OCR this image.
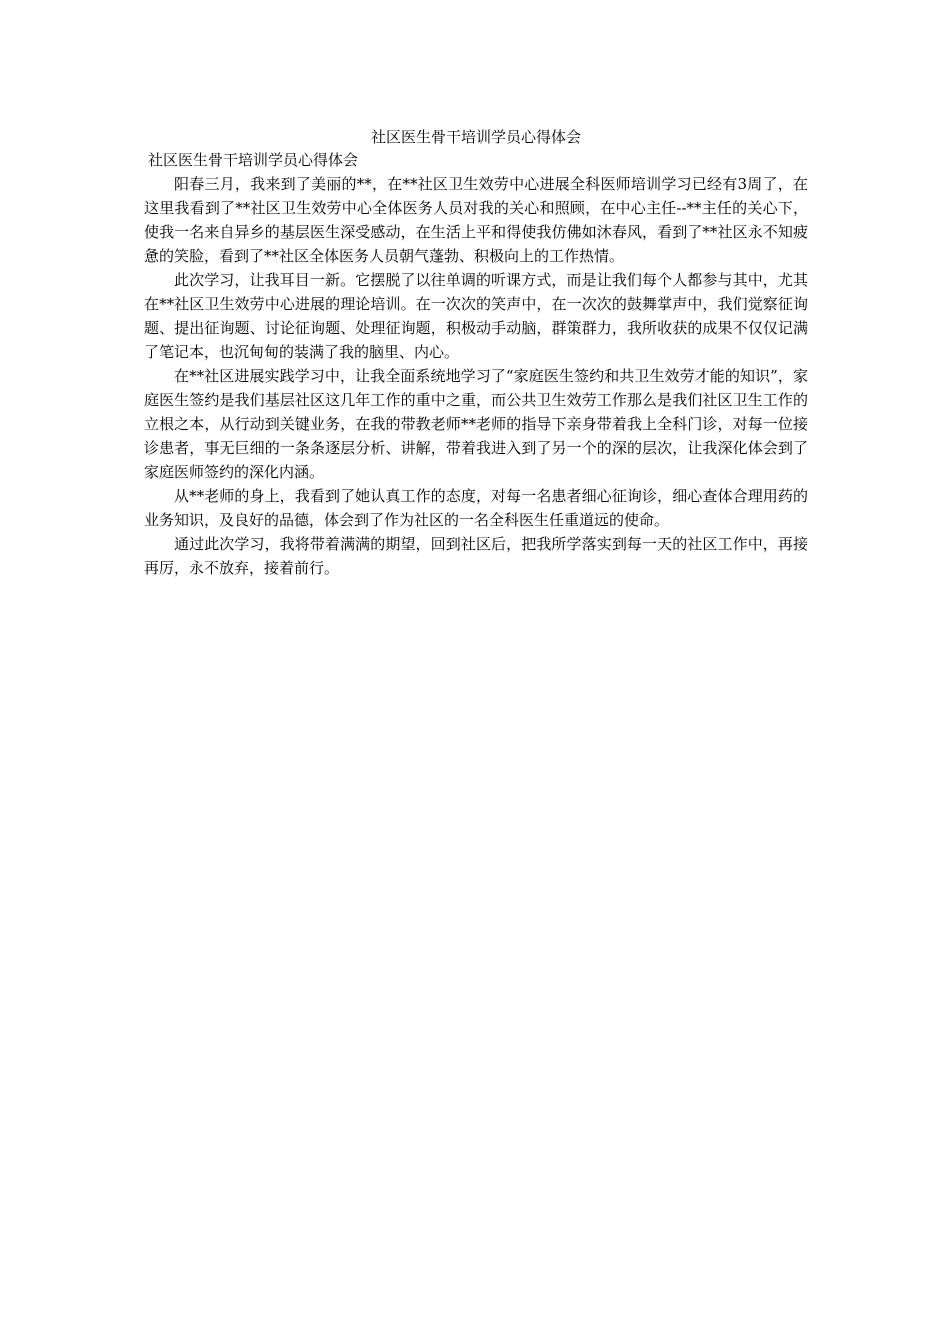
社区医生骨干培训学员心得体会
社区医生骨干培训学员心得体会

阳春三月，我来到了美丽的**，在**社区卫生效劳中心进展全科医师培训学习已经有3周了，在这里我看到了**社区卫生效劳中心全体医务人员对我的关心和照顾，在中心主任--**主任的关心下，使我一名来自异乡的基层医生深受感动，在生活上平和得使我仿佛如沐春风，看到了**社区永不知疲惫的笑脸，看到了**社区全体医务人员朝气蓬勃、积极向上的工作热情。

此次学习，让我耳目一新。它摆脱了以往单调的听课方式，而是让我们每个人都参与其中，尤其在**社区卫生效劳中心进展的理论培训。在一次次的笑声中，在一次次的鼓舞掌声中，我们觉察征询题、提出征询题、讨论征询题、处理征询题，积极动手动脑，群策群力，我所收获的成果不仅仅记满了笔记本，也沉甸甸的装满了我的脑里、内心。

在**社区进展实践学习中，让我全面系统地学习了“家庭医生签约和共卫生效劳才能的知识”，家庭医生签约是我们基层社区这几年工作的重中之重，而公共卫生效劳工作那么是我们社区卫生工作的立根之本，从行动到关键业务，在我的带教老师**老师的指导下亲身带着我上全科门诊，对每一位接诊患者，事无巨细的一条条逐层分析、讲解，带着我进入到了另一个的深的层次，让我深化体会到了家庭医师签约的深化内涵。

从**老师的身上，我看到了她认真工作的态度，对每一名患者细心征询诊，细心查体合理用药的业务知识，及良好的品德，体会到了作为社区的一名全科医生任重道远的使命。

通过此次学习，我将带着满满的期望，回到社区后，把我所学落实到每一天的社区工作中，再接再厉，永不放弃，接着前行。
